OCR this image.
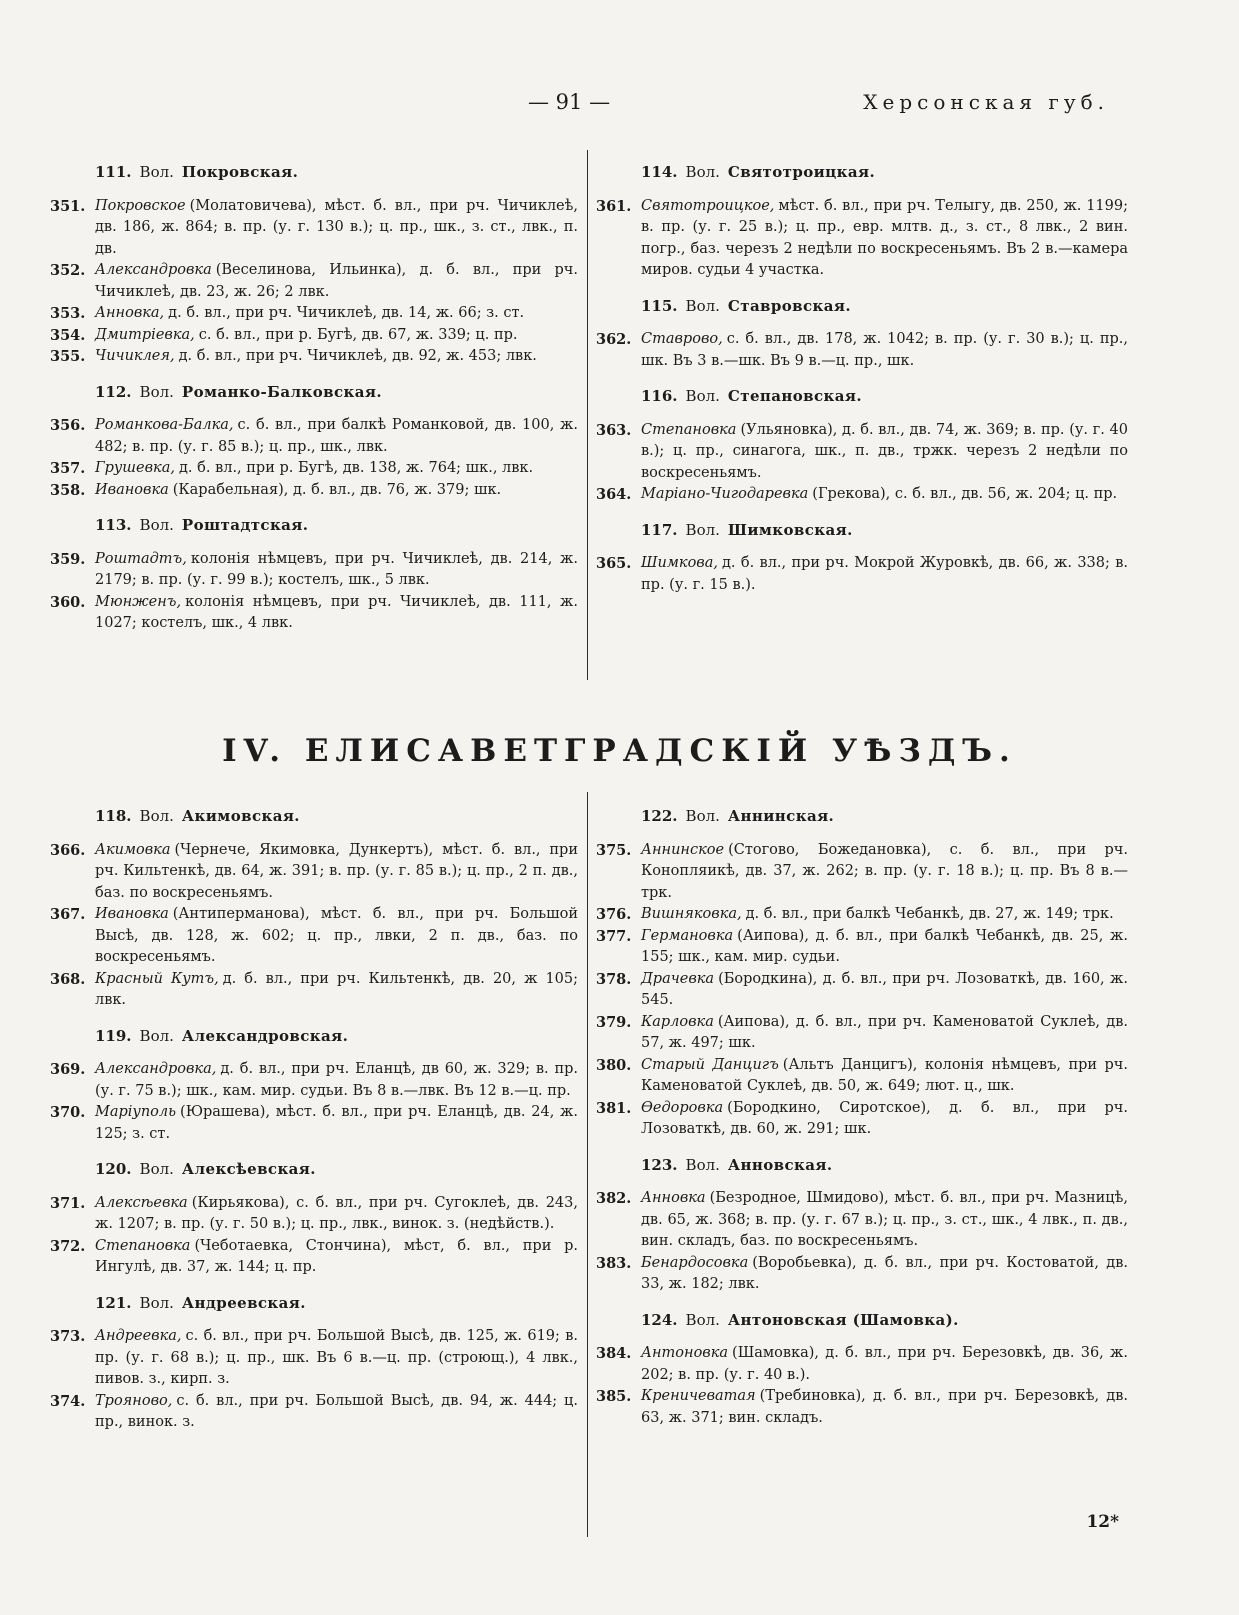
— 91 —	Херсонская губ.
111. Вол. Покровская.
351. Покровское (Молатовичева), мѣст. б. вл., при рч. Чичиклеѣ, дв. 186, ж. 864; в. пр. (у. г. 130 в.); ц. пр., шк., з. ст., лвк., п. дв.
352. Александровка (Веселинова, Ильинка), д. б. вл., при рч. Чичиклеѣ, дв. 23, ж. 26; 2 лвк.
353. Анновка, д. б. вл., при рч. Чичиклеѣ, дв. 14, ж. 66; з. ст.
354. Дмитріевка, с. б. вл., при р. Бугѣ, дв. 67, ж. 339; ц. пр.
355. Чичиклея, д. б. вл., при рч. Чичиклеѣ, дв. 92, ж. 453; лвк.
112. Вол. Романко-Балковская.
356. Романкова-Балка, с. б. вл., при балкѣ Романковой, дв. 100, ж. 482; в. пр. (у. г. 85 в.); ц. пр., шк., лвк.
357. Грушевка, д. б. вл., при р. Бугѣ, дв. 138, ж. 764; шк., лвк.
358. Ивановка (Карабельная), д. б. вл., дв. 76, ж. 379; шк.
113. Вол. Роштадтская.
359. Роштадтъ, колонія нѣмцевъ, при рч. Чичиклеѣ, дв. 214, ж. 2179; в. пр. (у. г. 99 в.); костелъ, шк., 5 лвк.
360. Мюнженъ, колонія нѣмцевъ, при рч. Чичиклеѣ, дв. 111, ж. 1027; костелъ, шк., 4 лвк.
114. Вол. Святотроицкая.
361. Святотроицкое, мѣст. б. вл., при рч. Телыгу, дв. 250, ж. 1199; в. пр. (у. г. 25 в.); ц. пр., евр. млтв. д., з. ст., 8 лвк., 2 вин. погр., баз. черезъ 2 недѣли по воскресеньямъ. Въ 2 в.—камера миров. судьи 4 участка.
115. Вол. Ставровская.
362. Ставрово, с. б. вл., дв. 178, ж. 1042; в. пр. (у. г. 30 в.); ц. пр., шк. Въ 3 в.—шк. Въ 9 в.—ц. пр., шк.
116. Вол. Степановская.
363. Степановка (Ульяновка), д. б. вл., дв. 74, ж. 369; в. пр. (у. г. 40 в.); ц. пр., синагога, шк., п. дв., тржк. черезъ 2 недѣли по воскресеньямъ.
364. Маріано-Чигодаревка (Грекова), с. б. вл., дв. 56, ж. 204; ц. пр.
117. Вол. Шимковская.
365. Шимкова, д. б. вл., при рч. Мокрой Журовкѣ, дв. 66, ж. 338; в. пр. (у. г. 15 в.).
IV. ЕЛИСАВЕТГРАДСКІЙ УѢЗДЪ.
118. Вол. Акимовская.
366. Акимовка (Чернече, Якимовка, Дункертъ), мѣст. б. вл., при рч. Кильтенкѣ, дв. 64, ж. 391; в. пр. (у. г. 85 в.); ц. пр., 2 п. дв., баз. по воскресеньямъ.
367. Ивановка (Антиперманова), мѣст. б. вл., при рч. Большой Высѣ, дв. 128, ж. 602; ц. пр., лвки, 2 п. дв., баз. по воскресеньямъ.
368. Красный Кутъ, д. б. вл., при рч. Кильтенкѣ, дв. 20, ж 105; лвк.
119. Вол. Александровская.
369. Александровка, д. б. вл., при рч. Еланцѣ, дв 60, ж. 329; в. пр. (у. г. 75 в.); шк., кам. мир. судьи. Въ 8 в.—лвк. Въ 12 в.—ц. пр.
370. Маріуполь (Юрашева), мѣст. б. вл., при рч. Еланцѣ, дв. 24, ж. 125; з. ст.
120. Вол. Алексѣевская.
371. Алексѣевка (Кирьякова), с. б. вл., при рч. Сугоклеѣ, дв. 243, ж. 1207; в. пр. (у. г. 50 в.); ц. пр., лвк., винок. з. (недѣйств.).
372. Степановка (Чеботаевка, Стончина), мѣст, б. вл., при р. Ингулѣ, дв. 37, ж. 144; ц. пр.
121. Вол. Андреевская.
373. Андреевка, с. б. вл., при рч. Большой Высѣ, дв. 125, ж. 619; в. пр. (у. г. 68 в.); ц. пр., шк. Въ 6 в.—ц. пр. (строющ.), 4 лвк., пивов. з., кирп. з.
374. Трояново, с. б. вл., при рч. Большой Высѣ, дв. 94, ж. 444; ц. пр., винок. з.
122. Вол. Аннинская.
375. Аннинское (Стогово, Божедановка), с. б. вл., при рч. Конопляикѣ, дв. 37, ж. 262; в. пр. (у. г. 18 в.); ц. пр. Въ 8 в.—трк.
376. Вишняковка, д. б. вл., при балкѣ Чебанкѣ, дв. 27, ж. 149; трк.
377. Германовка (Аипова), д. б. вл., при балкѣ Чебанкѣ, дв. 25, ж. 155; шк., кам. мир. судьи.
378. Драчевка (Бородкина), д. б. вл., при рч. Лозоваткѣ, дв. 160, ж. 545.
379. Карловка (Аипова), д. б. вл., при рч. Каменоватой Суклеѣ, дв. 57, ж. 497; шк.
380. Старый Данцигъ (Альтъ Данцигъ), колонія нѣмцевъ, при рч. Каменоватой Суклеѣ, дв. 50, ж. 649; лют. ц., шк.
381. Ѳедоровка (Бородкино, Сиротское), д. б. вл., при рч. Лозоваткѣ, дв. 60, ж. 291; шк.
123. Вол. Анновская.
382. Анновка (Безродное, Шмидово), мѣст. б. вл., при рч. Мазницѣ, дв. 65, ж. 368; в. пр. (у. г. 67 в.); ц. пр., з. ст., шк., 4 лвк., п. дв., вин. складъ, баз. по воскресеньямъ.
383. Бенардосовка (Воробьевка), д. б. вл., при рч. Костоватой, дв. 33, ж. 182; лвк.
124. Вол. Антоновская (Шамовка).
384. Антоновка (Шамовка), д. б. вл., при рч. Березовкѣ, дв. 36, ж. 202; в. пр. (у. г. 40 в.).
385. Креничеватая (Требиновка), д. б. вл., при рч. Березовкѣ, дв. 63, ж. 371; вин. складъ.
12*
